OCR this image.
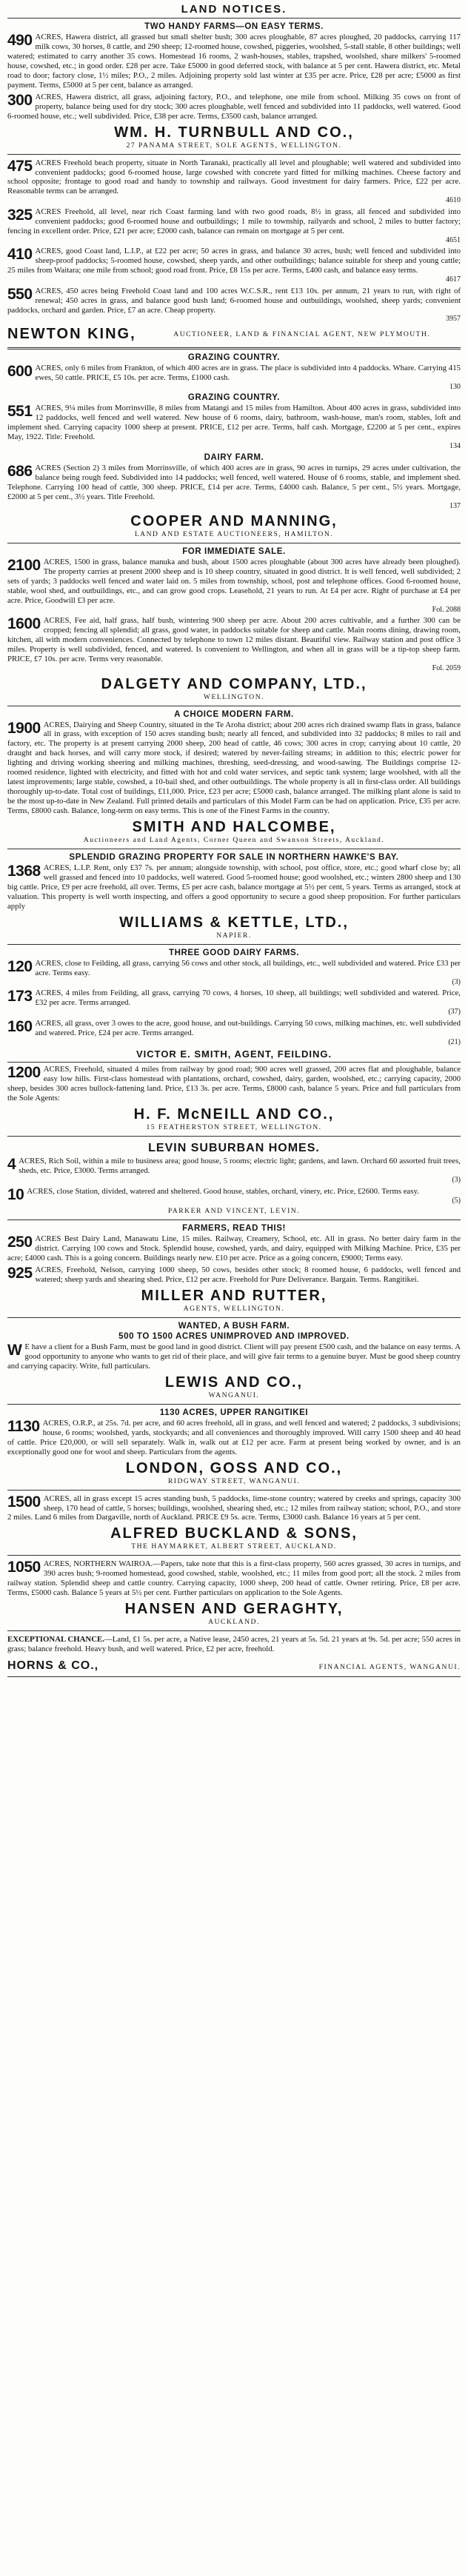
LAND NOTICES.
TWO HANDY FARMS—ON EASY TERMS.
490 ACRES, Hawera district, all grassed but small shelter bush; 300 acres ploughable, 87 acres ploughed, 20 paddocks, carrying 117 milk cows, 30 horses, 8 cattle, and 290 sheep; 12-roomed house, cowshed, piggeries, woolshed, 5-stall stable, 8 other buildings; well watered; estimated to carry another 35 cows. Homestead 16 rooms, 2 wash-houses, stables, trapshed, woolshed, share milkers' 5-roomed house, cowshed, etc.; in good order. £28 per acre. Take £5000 in good deferred stock, with balance at 5 per cent. Hawera district, etc. Metal road to door; factory close, 1½ miles; P.O., 2 miles. Adjoining property sold last winter at £35 per acre. Price, £28 per acre; £5000 as first payment. Terms, £5000 at 5 per cent, balance as arranged.
300 ACRES, Hawera district, all grass, adjoining factory, P.O., and telephone, one mile from school. Milking 35 cows on front of property, balance being used for dry stock; 300 acres ploughable, well fenced and subdivided into 11 paddocks, well watered. Good 6-roomed house, etc.; well subdivided. Price, £38 per acre. Terms, £3500 cash, balance arranged.
WM. H. TURNBULL AND CO.,
27 PANAMA STREET, SOLE AGENTS, WELLINGTON.
475 ACRES Freehold beach property, situate in North Taranaki, practically all level and ploughable; well watered and subdivided into convenient paddocks; good 6-roomed house, large cowshed with concrete yard fitted for milking machines. Cheese factory and school opposite; frontage to good road and handy to township and railways. Good investment for dairy farmers. Price, £22 per acre. Reasonable terms can be arranged.
4610
325 ACRES Freehold, all level, near rich Coast farming land with two good roads, 8½ in grass, all fenced and subdivided into convenient paddocks; good 6-roomed house and outbuildings; 1 mile to township, railyards and school, 2 miles to butter factory; fencing in excellent order. Price, £21 per acre; £2000 cash, balance can remain on mortgage at 5 per cent.
4651
410 ACRES, good Coast land, L.I.P., at £22 per acre; 50 acres in grass, and balance 30 acres, bush; well fenced and subdivided into sheep-proof paddocks; 5-roomed house, cowshed, sheep yards, and other outbuildings; balance suitable for sheep and young cattle; 25 miles from Waitara; one mile from school; good road front. Price, £8 15s per acre. Terms, £400 cash, and balance easy terms.
4617
550 ACRES, 450 acres being Freehold Coast land and 100 acres W.C.S.R., rent £13 10s. per annum, 21 years to run, with right of renewal; 450 acres in grass, and balance good bush land; 6-roomed house and outbuildings, woolshed, sheep yards; convenient paddocks, orchard and garden. Price, £7 an acre. Cheap property.
3957
NEWTON KING,	AUCTIONEER, LAND & FINANCIAL AGENT, NEW PLYMOUTH.
GRAZING COUNTRY.
600 ACRES, only 6 miles from Frankton, of which 400 acres are in grass. The place is subdivided into 4 paddocks. Whare. Carrying 415 ewes, 50 cattle. PRICE, £5 10s. per acre. Terms, £1000 cash.
130
GRAZING COUNTRY.
551 ACRES, 9¼ miles from Morrinsville, 8 miles from Matangi and 15 miles from Hamilton. About 400 acres in grass, subdivided into 12 paddocks, well fenced and well watered. New house of 6 rooms, dairy, bathroom, wash-house, man's room, stables, loft and implement shed. Carrying capacity 1000 sheep at present. PRICE, £12 per acre. Terms, half cash. Mortgage, £2200 at 5 per cent., expires May, 1922. Title: Freehold.
134
DAIRY FARM.
686 ACRES (Section 2) 3 miles from Morrinsville, of which 400 acres are in grass, 90 acres in turnips, 29 acres under cultivation, the balance being rough feed. Subdivided into 14 paddocks; well fenced, well watered. House of 6 rooms, stable, and implement shed. Telephone. Carrying 100 head of cattle, 300 sheep. PRICE, £14 per acre. Terms, £4000 cash. Balance, 5 per cent., 5½ years. Mortgage, £2000 at 5 per cent., 3½ years. Title Freehold.
137
COOPER AND MANNING,
LAND AND ESTATE AUCTIONEERS, HAMILTON.
FOR IMMEDIATE SALE.
2100 ACRES, 1500 in grass, balance manuka and bush, about 1500 acres ploughable (about 300 acres have already been ploughed). The property carries at present 2000 sheep and is 10 sheep country, situated in good district. It is well fenced, well subdivided; 2 sets of yards; 3 paddocks well fenced and water laid on. 5 miles from township, school, post and telephone offices. Good 6-roomed house, stable, wool shed, and outbuildings, etc., and can grow good crops. Leasehold, 21 years to run. At £4 per acre. Right of purchase at £4 per acre. Price, Goodwill £3 per acre.
Fol. 2088
1600 ACRES, Fee aid, half grass, half bush, wintering 900 sheep per acre. About 200 acres cultivable, and a further 300 can be cropped; fencing all splendid; all grass, good water, in paddocks suitable for sheep and cattle. Main rooms dining, drawing room, kitchen, all with modern conveniences. Connected by telephone to town 12 miles distant. Beautiful view. Railway station and post office 3 miles. Property is well subdivided, fenced, and watered. Is convenient to Wellington, and when all in grass will be a tip-top sheep farm. PRICE, £7 10s. per acre. Terms very reasonable.
Fol. 2059
DALGETY AND COMPANY, LTD.,
WELLINGTON.
A CHOICE MODERN FARM.
1900 ACRES, Dairying and Sheep Country, situated in the Te Aroha district; about 200 acres rich drained swamp flats in grass, balance all in grass, with exception of 150 acres standing bush; nearly all fenced, and subdivided into 32 paddocks; 8 miles to rail and factory, etc. The property is at present carrying 2000 sheep, 200 head of cattle, 46 cows; 300 acres in crop; carrying about 10 cattle, 20 draught and back horses, and will carry more stock, if desired; watered by never-failing streams; in addition to this; electric power for lighting and driving working sheering and milking machines, threshing, seed-dressing, and wood-sawing. The Buildings comprise 12-roomed residence, lighted with electricity, and fitted with hot and cold water services, and septic tank system; large woolshed, with all the latest improvements; large stable, cowshed, a 10-bail shed, and other outbuildings. The whole property is all in first-class order. All buildings thoroughly up-to-date. Total cost of buildings, £11,000. Price, £23 per acre; £5000 cash, balance arranged. The milking plant alone is said to be the most up-to-date in New Zealand. Full printed details and particulars of this Model Farm can be had on application. Price, £35 per acre. Terms, £8000 cash. Balance, long-term on easy terms. This is one of the Finest Farms in the country.
SMITH AND HALCOMBE,
Auctioneers and Land Agents, Corner Queen and Swanson Streets, Auckland.
SPLENDID GRAZING PROPERTY FOR SALE IN NORTHERN HAWKE'S BAY.
1368 ACRES, L.I.P. Rent, only £37 7s. per annum; alongside township, with school, post office, store, etc.; good wharf close by; all well grassed and fenced into 10 paddocks, well watered. Good 5-roomed house; good woolshed, etc.; winters 2800 sheep and 130 big cattle. Price, £9 per acre freehold, all over. Terms, £5 per acre cash, balance mortgage at 5½ per cent, 5 years. Terms as arranged, stock at valuation. This property is well worth inspecting, and offers a good opportunity to secure a good sheep proposition. For further particulars apply
WILLIAMS & KETTLE, LTD.,
NAPIER.
THREE GOOD DAIRY FARMS.
120 ACRES, close to Feilding, all grass, carrying 56 cows and other stock, all buildings, etc., well subdivided and watered. Price £33 per acre. Terms easy.
(3)
173 ACRES, 4 miles from Feilding, all grass, carrying 70 cows, 4 horses, 10 sheep, all buildings; well subdivided and watered. Price, £32 per acre. Terms arranged.
(37)
160 ACRES, all grass, over 3 owes to the acre, good house, and out-buildings. Carrying 50 cows, milking machines, etc. well subdivided and watered. Price, £24 per acre. Terms arranged.
(21)
VICTOR E. SMITH, AGENT, FEILDING.
1200 ACRES, Freehold, situated 4 miles from railway by good road; 900 acres well grassed, 200 acres flat and ploughable, balance easy low hills. First-class homestead with plantations, orchard, cowshed, dairy, garden, woolshed, etc.; carrying capacity, 2000 sheep, besides 300 acres bullock-fattening land. Price, £13 3s. per acre. Terms, £8000 cash, balance 5 years. Price and full particulars from the Sole Agents:
H. F. McNEILL AND CO.,
15 FEATHERSTON STREET, WELLINGTON.
LEVIN SUBURBAN HOMES.
4 ACRES, Rich Soil, within a mile to business area; good house, 5 rooms; electric light; gardens, and lawn. Orchard 60 assorted fruit trees, sheds, etc. Price, £3000. Terms arranged.
(3)
10 ACRES, close Station, divided, watered and sheltered. Good house, stables, orchard, vinery, etc. Price, £2600. Terms easy.
(5)
PARKER AND VINCENT, LEVIN.
FARMERS, READ THIS!
250 ACRES Best Dairy Land, Manawatu Line, 15 miles. Railway, Creamery, School, etc. All in grass. No better dairy farm in the district. Carrying 100 cows and Stock. Splendid house, cowshed, yards, and dairy, equipped with Milking Machine. Price, £35 per acre; £4000 cash. This is a going concern. Buildings nearly new. £10 per acre. Price as a going concern, £9000; Terms easy.
925 ACRES, Freehold, Nelson, carrying 1000 sheep, 50 cows, besides other stock; 8 roomed house, 6 paddocks, well fenced and watered; sheep yards and shearing shed. Price, £12 per acre. Freehold for Pure Deliverance. Bargain. Terms. Rangitikei.
MILLER AND RUTTER,
AGENTS, WELLINGTON.
WANTED, A BUSH FARM.
500 TO 1500 ACRES UNIMPROVED AND IMPROVED.
W E have a client for a Bush Farm, must be good land in good district. Client will pay present £500 cash, and the balance on easy terms. A good opportunity to anyone who wants to get rid of their place, and will give fair terms to a genuine buyer. Must be good sheep country and carrying capacity. Write, full particulars.
LEWIS AND CO.,
WANGANUI.
1130 ACRES, UPPER RANGITIKEI
1130 ACRES, O.R.P., at 25s. 7d. per acre, and 60 acres freehold, all in grass, and well fenced and watered; 2 paddocks, 3 subdivisions; house, 6 rooms; woolshed, yards, stockyards; and all conveniences and thoroughly improved. Will carry 1500 sheep and 40 head of cattle. Price £20,000, or will sell separately. Walk in, walk out at £12 per acre. Farm at present being worked by owner, and is an exceptionally good one for wool and sheep. Particulars from the agents.
LONDON, GOSS AND CO.,
RIDGWAY STREET, WANGANUI.
1500 ACRES, all in grass except 15 acres standing bush, 5 paddocks, lime-stone country; watered by creeks and springs, capacity 300 sheep, 170 head of cattle, 5 horses; buildings, woolshed, shearing shed, etc.; 12 miles from railway station; school, P.O., and store 2 miles. Land 6 miles from Dargaville, north of Auckland. PRICE £9 5s. acre. Terms, £3000 cash. Balance 16 years at 5 per cent.
ALFRED BUCKLAND & SONS,
THE HAYMARKET, ALBERT STREET, AUCKLAND.
1050 ACRES, NORTHERN WAIROA.—Papers, take note that this is a first-class property, 560 acres grassed, 30 acres in turnips, and 390 acres bush; 9-roomed homestead, good cowshed, stable, woolshed, etc.; 11 miles from good port; all the stock. 2 miles from railway station. Splendid sheep and cattle country. Carrying capacity, 1000 sheep, 200 head of cattle. Owner retiring. Price, £8 per acre. Terms, £5000 cash. Balance 5 years at 5½ per cent. Further particulars on application to the Sole Agents.
HANSEN AND GERAGHTY,
AUCKLAND.
EXCEPTIONAL CHANCE.—Land, £1 5s. per acre, a Native lease, 2450 acres, 21 years at 5s. 5d. 21 years at 9s. 5d. per acre; 550 acres in grass; balance freehold. Heavy bush, and well watered. Price, £2 per acre, freehold.
HORNS & CO.,	FINANCIAL AGENTS, WANGANUI.
